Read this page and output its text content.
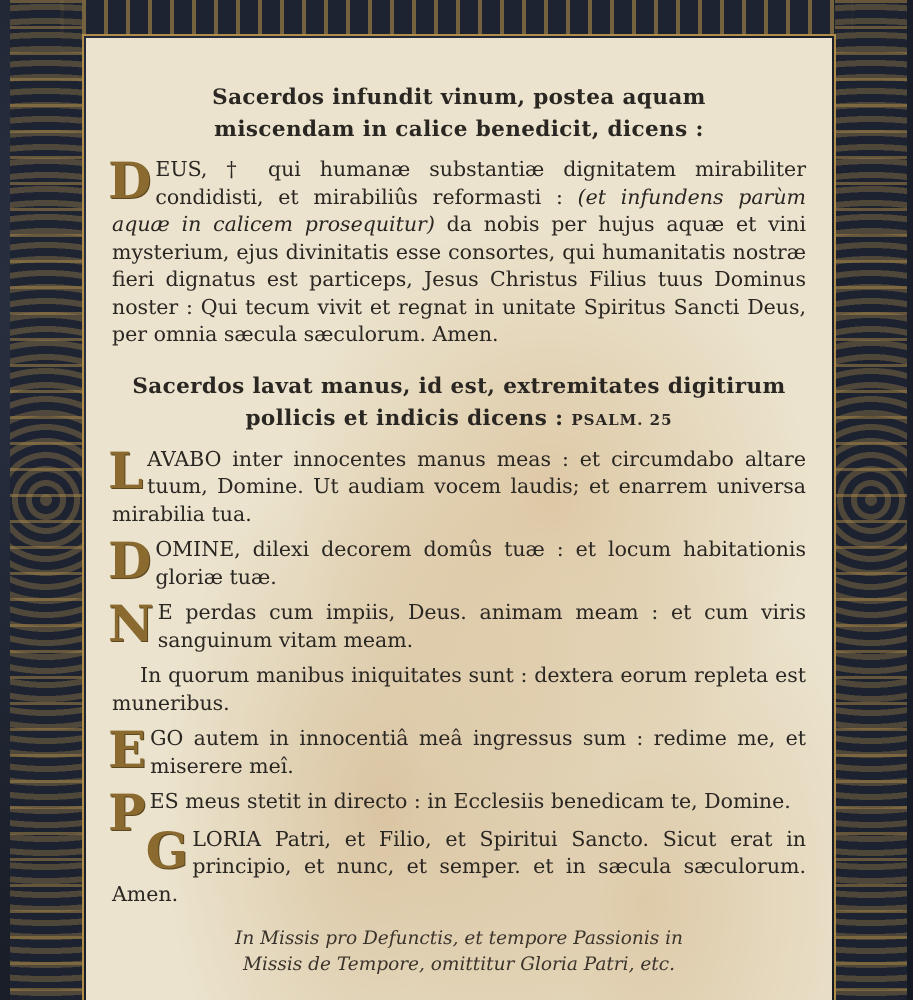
Sacerdos infundit vinum, postea aquam
miscendam in calice benedicit, dicens :

D EUS, † qui humanæ substantiæ dignitatem mirabiliter condidisti, et mirabiliûs reformasti : (et infundens parùm aquæ in calicem prosequitur) da nobis per hujus aquæ et vini mysterium, ejus divinitatis esse consortes, qui humanitatis nostræ fieri dignatus est particeps, Jesus Christus Filius tuus Dominus noster : Qui tecum vivit et regnat in unitate Spiritus Sancti Deus, per omnia sæcula sæculorum. Amen.

Sacerdos lavat manus, id est, extremitates digitirum pollicis et indicis dicens : PSALM. 25

L AVABO inter innocentes manus meas : et circumdabo altare tuum, Domine. Ut audiam vocem laudis; et enarrem universa mirabilia tua.

D OMINE, dilexi decorem domûs tuæ : et locum habitationis gloriæ tuæ.

N E perdas cum impiis, Deus. animam meam : et cum viris sanguinum vitam meam.

In quorum manibus iniquitates sunt : dextera eorum repleta est muneribus.

E GO autem in innocentiâ meâ ingressus sum : redime me, et miserere meî.

P ES meus stetit in directo : in Ecclesiis benedicam te, Domine.

G LORIA Patri, et Filio, et Spiritui Sancto. Sicut erat in principio, et nunc, et semper. et in sæcula sæculorum. Amen.

In Missis pro Defunctis, et tempore Passionis in
Missis de Tempore, omittitur Gloria Patri, etc.
